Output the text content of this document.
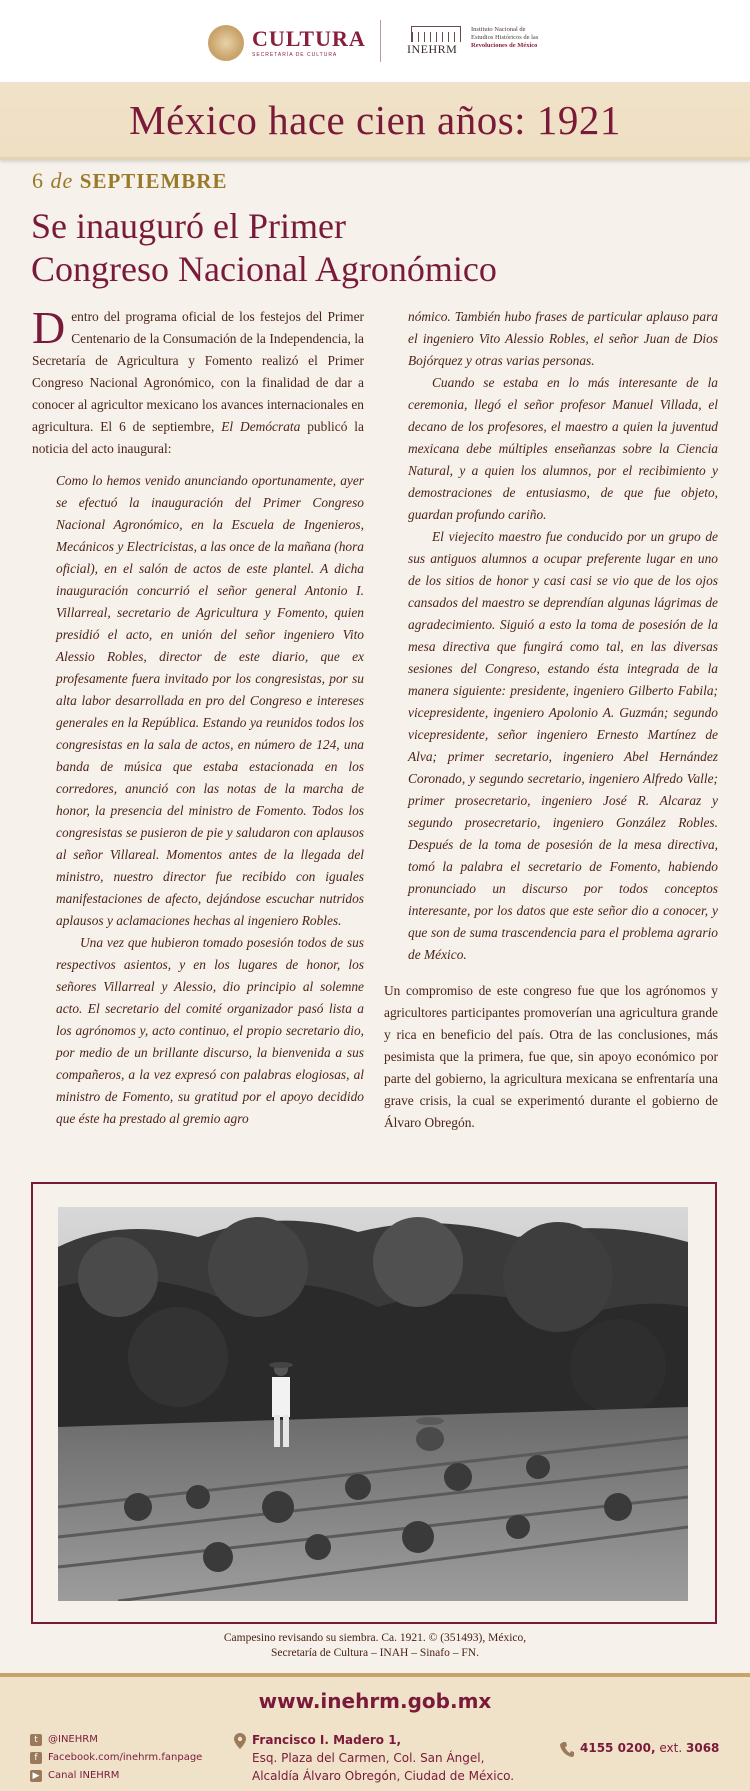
CULTURA
SECRETARÍA DE CULTURA	INEHRM
Instituto Nacional de
Estudios Históricos de las
Revoluciones de México
México hace cien años: 1921
6 de SEPTIEMBRE
Se inauguró el Primer
Congreso Nacional Agronómico

Dentro del programa oficial de los festejos del Primer Centenario de la Consumación de la Independencia, la Secretaría de Agricultura y Fomento realizó el Primer Congreso Nacional Agronómico, con la finalidad de dar a conocer al agricultor mexicano los avances internacionales en agricultura. El 6 de septiembre, El Demócrata publicó la noticia del acto inaugural:

Como lo hemos venido anunciando oportunamente, ayer se efectuó la inauguración del Primer Congreso Nacional Agronómico, en la Escuela de Ingenieros, Mecánicos y Electricistas, a las once de la mañana (hora oficial), en el salón de actos de este plantel. A dicha inauguración concurrió el señor general Antonio I. Villarreal, secretario de Agricultura y Fomento, quien presidió el acto, en unión del señor ingeniero Vito Alessio Robles, director de este diario, que ex profesamente fuera invitado por los congresistas, por su alta labor desarrollada en pro del Congreso e intereses generales en la República. Estando ya reunidos todos los congresistas en la sala de actos, en número de 124, una banda de música que estaba estacionada en los corredores, anunció con las notas de la marcha de honor, la presencia del ministro de Fomento. Todos los congresistas se pusieron de pie y saludaron con aplausos al señor Villareal. Momentos antes de la llegada del ministro, nuestro director fue recibido con iguales manifestaciones de afecto, dejándose escuchar nutridos aplausos y aclamaciones hechas al ingeniero Robles.

Una vez que hubieron tomado posesión todos de sus respectivos asientos, y en los lugares de honor, los señores Villarreal y Alessio, dio principio al solemne acto. El secretario del comité organizador pasó lista a los agrónomos y, acto continuo, el propio secretario dio, por medio de un brillante discurso, la bienvenida a sus compañeros, a la vez expresó con palabras elogiosas, al ministro de Fomento, su gratitud por el apoyo decidido que éste ha prestado al gremio agro

nómico. También hubo frases de particular aplauso para el ingeniero Vito Alessio Robles, el señor Juan de Dios Bojórquez y otras varias personas.

Cuando se estaba en lo más interesante de la ceremonia, llegó el señor profesor Manuel Villada, el decano de los profesores, el maestro a quien la juventud mexicana debe múltiples enseñanzas sobre la Ciencia Natural, y a quien los alumnos, por el recibimiento y demostraciones de entusiasmo, de que fue objeto, guardan profundo cariño.

El viejecito maestro fue conducido por un grupo de sus antiguos alumnos a ocupar preferente lugar en uno de los sitios de honor y casi casi se vio que de los ojos cansados del maestro se deprendían algunas lágrimas de agradecimiento. Siguió a esto la toma de posesión de la mesa directiva que fungirá como tal, en las diversas sesiones del Congreso, estando ésta integrada de la manera siguiente: presidente, ingeniero Gilberto Fabila; vicepresidente, ingeniero Apolonio A. Guzmán; segundo vicepresidente, señor ingeniero Ernesto Martínez de Alva; primer secretario, ingeniero Abel Hernández Coronado, y segundo secretario, ingeniero Alfredo Valle; primer prosecretario, ingeniero José R. Alcaraz y segundo prosecretario, ingeniero González Robles. Después de la toma de posesión de la mesa directiva, tomó la palabra el secretario de Fomento, habiendo pronunciado un discurso por todos conceptos interesante, por los datos que este señor dio a conocer, y que son de suma trascendencia para el problema agrario de México.

Un compromiso de este congreso fue que los agrónomos y agricultores participantes promoverían una agricultura grande y rica en beneficio del país. Otra de las conclusiones, más pesimista que la primera, fue que, sin apoyo económico por parte del gobierno, la agricultura mexicana se enfrentaría una grave crisis, la cual se experimentó durante el gobierno de Álvaro Obregón.

Campesino revisando su siembra. Ca. 1921. © (351493), México,
Secretaría de Cultura – INAH – Sinafo – FN.
www.inehrm.gob.mx
t	@INEHRM
f	Facebook.com/inehrm.fanpage
▶ Canal INEHRM
Francisco I. Madero 1,
Esq. Plaza del Carmen, Col. San Ángel,
Alcaldía Álvaro Obregón, Ciudad de México.
4155 0200, ext. 3068
